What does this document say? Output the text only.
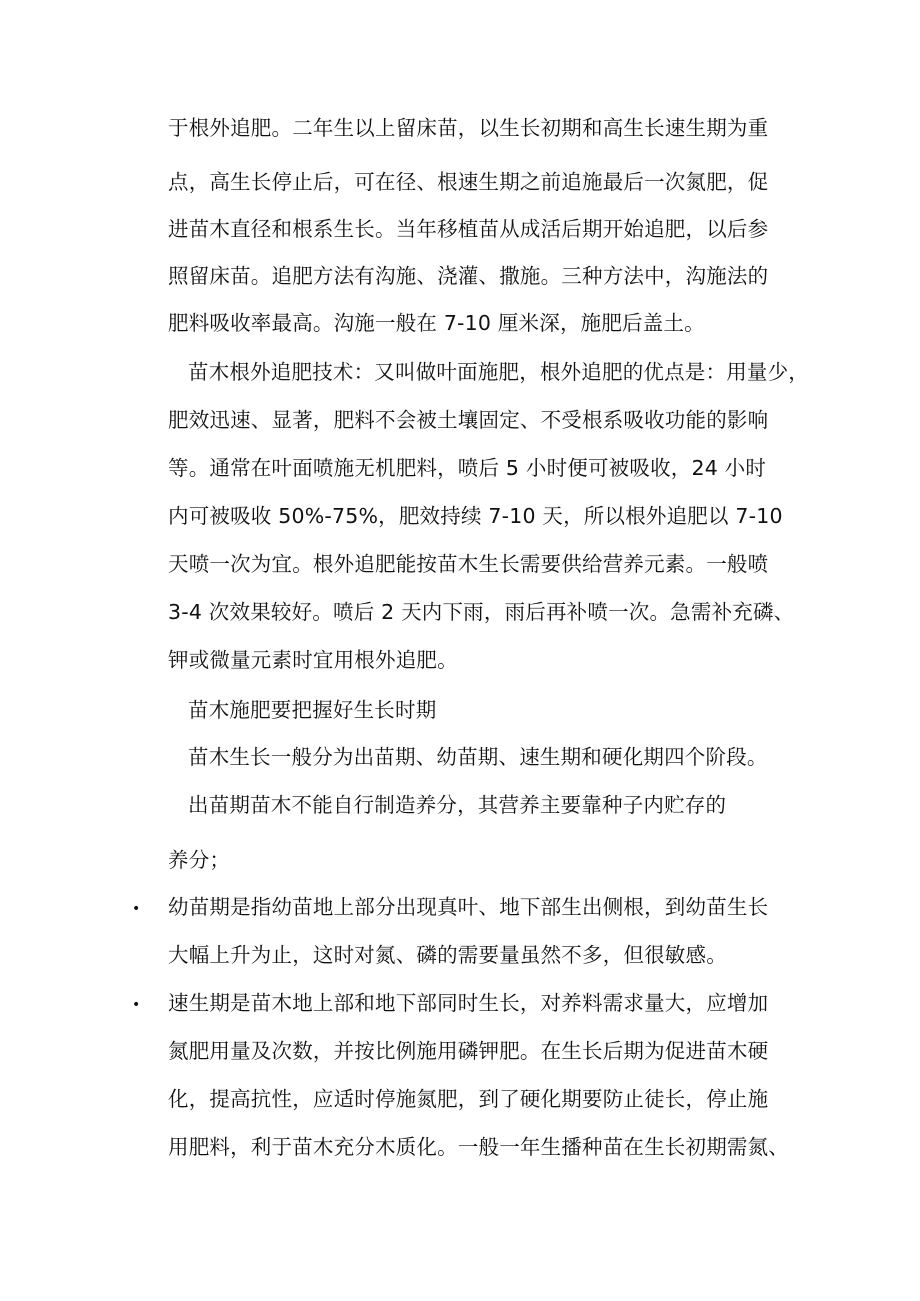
于根外追肥。二年生以上留床苗，以生长初期和高生长速生期为重
点，高生长停止后，可在径、根速生期之前追施最后一次氮肥，促
进苗木直径和根系生长。当年移植苗从成活后期开始追肥，以后参
照留床苗。追肥方法有沟施、浇灌、撒施。三种方法中，沟施法的
肥料吸收率最高。沟施一般在 7-10 厘米深，施肥后盖土。
苗木根外追肥技术：又叫做叶面施肥，根外追肥的优点是：用量少，
肥效迅速、显著，肥料不会被土壤固定、不受根系吸收功能的影响
等。通常在叶面喷施无机肥料，喷后 5 小时便可被吸收，24 小时
内可被吸收 50%-75%，肥效持续 7-10 天，所以根外追肥以 7-10
天喷一次为宜。根外追肥能按苗木生长需要供给营养元素。一般喷
3-4 次效果较好。喷后 2 天内下雨，雨后再补喷一次。急需补充磷、
钾或微量元素时宜用根外追肥。
苗木施肥要把握好生长时期
苗木生长一般分为出苗期、幼苗期、速生期和硬化期四个阶段。
出苗期苗木不能自行制造养分，其营养主要靠种子内贮存的
养分；
• 幼苗期是指幼苗地上部分出现真叶、地下部生出侧根，到幼苗生长
大幅上升为止，这时对氮、磷的需要量虽然不多，但很敏感。
• 速生期是苗木地上部和地下部同时生长，对养料需求量大，应增加
氮肥用量及次数，并按比例施用磷钾肥。在生长后期为促进苗木硬
化，提高抗性，应适时停施氮肥，到了硬化期要防止徒长，停止施
用肥料，利于苗木充分木质化。一般一年生播种苗在生长初期需氮、
